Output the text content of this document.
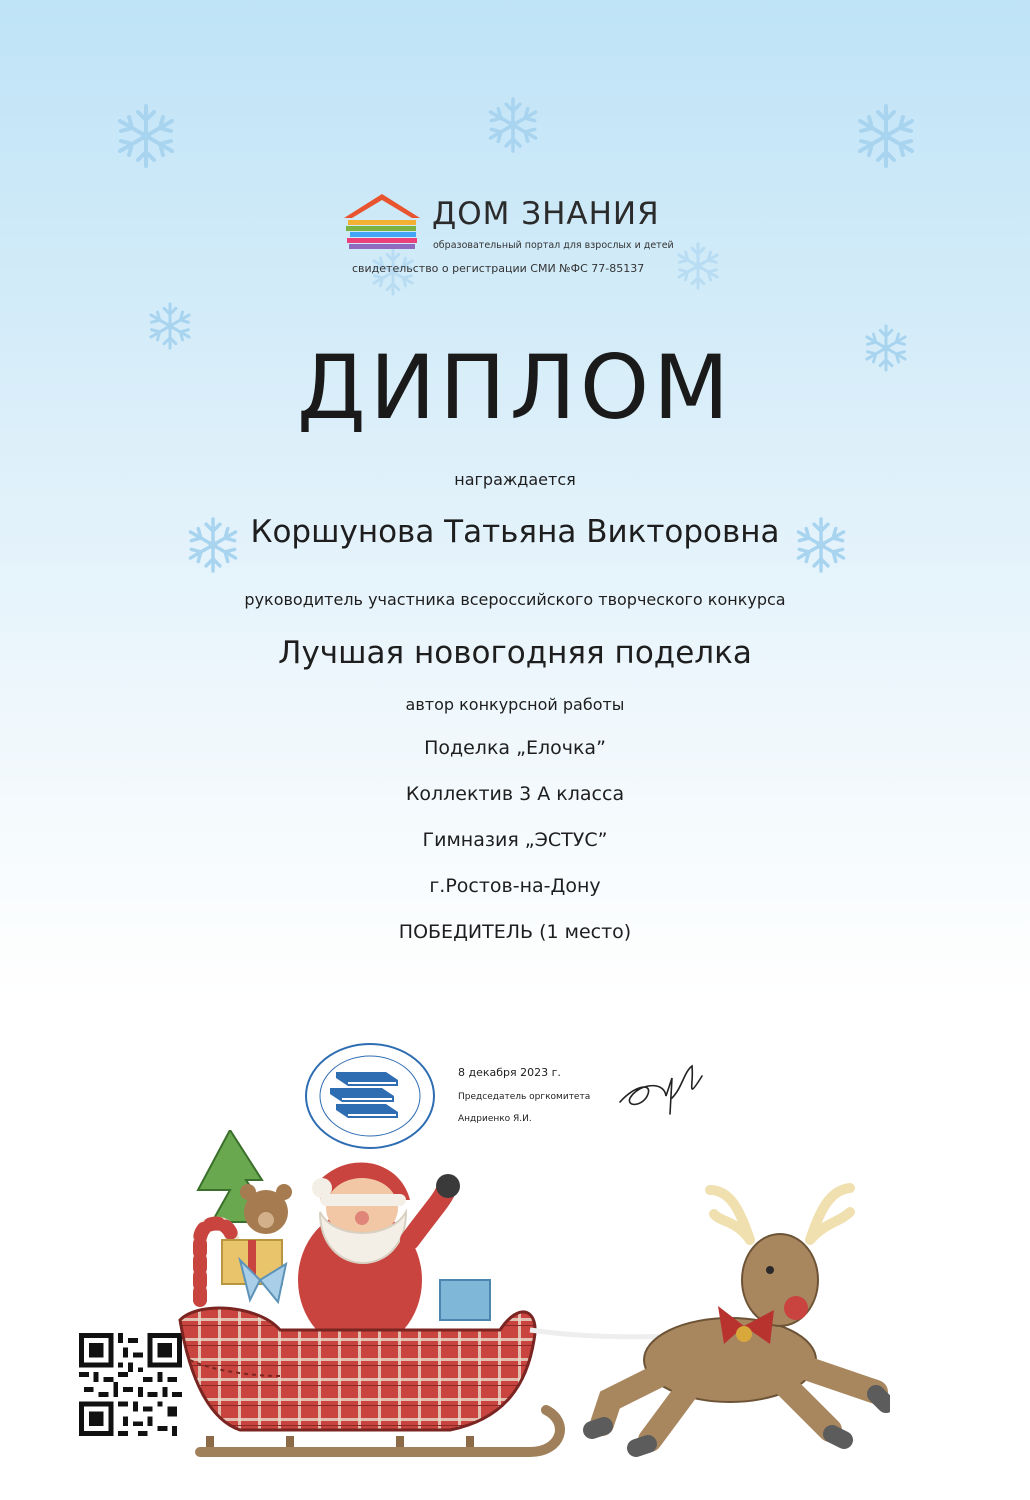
ДОМ ЗНАНИЯ
образовательный портал для взрослых и детей
свидетельство о регистрации СМИ №ФС 77-85137
ДИПЛОМ
награждается
Коршунова Татьяна Викторовна
руководитель участника всероссийского творческого конкурса
Лучшая новогодняя поделка
автор конкурсной работы
Поделка „Елочка”
Коллектив 3 А класса
Гимназия „ЭСТУС”
г.Ростов-на-Дону
ПОБЕДИТЕЛЬ (1 место)
8 декабря 2023 г.
Председатель оргкомитета
Андриенко Я.И.
